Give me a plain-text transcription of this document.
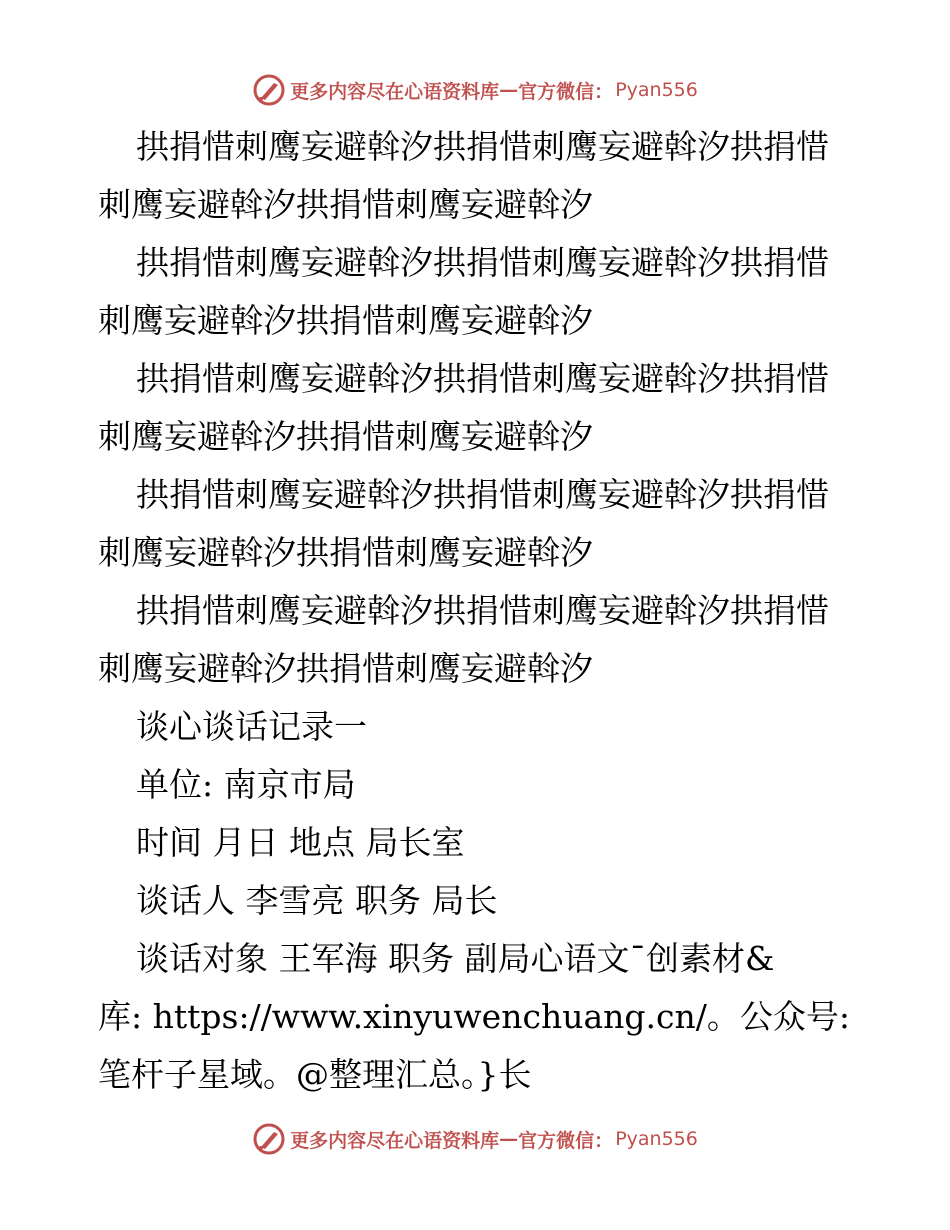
更多内容尽在心语资料库 — 官方微信： Pyan556
拱捐惜刺鹰妄避斡汐拱捐惜刺鹰妄避斡汐拱捐惜
刺鹰妄避斡汐拱捐惜刺鹰妄避斡汐
拱捐惜刺鹰妄避斡汐拱捐惜刺鹰妄避斡汐拱捐惜
刺鹰妄避斡汐拱捐惜刺鹰妄避斡汐
拱捐惜刺鹰妄避斡汐拱捐惜刺鹰妄避斡汐拱捐惜
刺鹰妄避斡汐拱捐惜刺鹰妄避斡汐
拱捐惜刺鹰妄避斡汐拱捐惜刺鹰妄避斡汐拱捐惜
刺鹰妄避斡汐拱捐惜刺鹰妄避斡汐
拱捐惜刺鹰妄避斡汐拱捐惜刺鹰妄避斡汐拱捐惜
刺鹰妄避斡汐拱捐惜刺鹰妄避斡汐
谈心谈话记录一
单位: 南京市局
时间 月日 地点 局长室
谈话人 李雪亮 职务 局长
谈话对象 王军海 职务 副局心语文¯创素材&
库: https://www.xinyuwenchuang.cn/。公众号:
笔杆子星域。@整理汇总。}长
更多内容尽在心语资料库 — 官方微信： Pyan556
